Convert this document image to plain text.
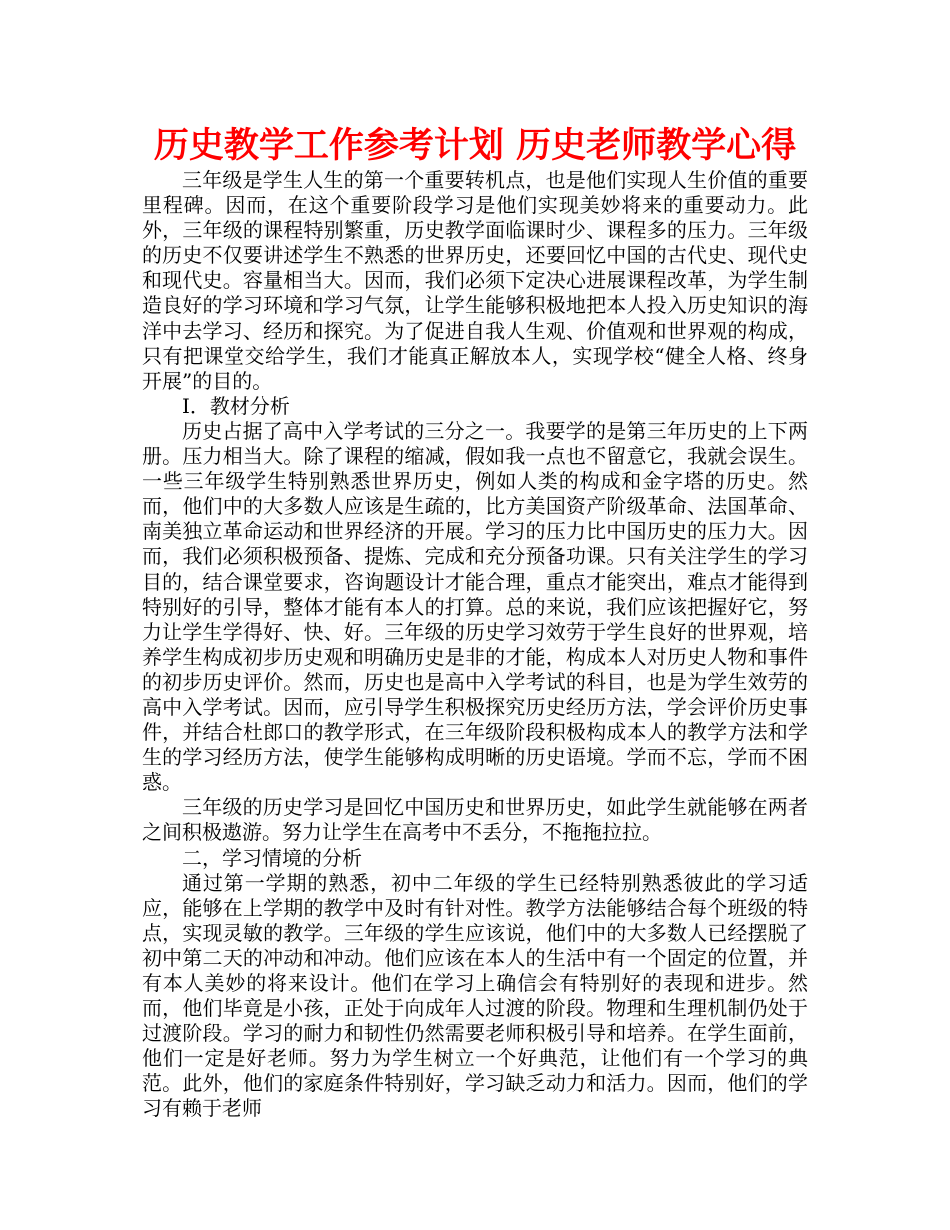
历史教学工作参考计划 历史老师教学心得

三年级是学生人生的第一个重要转机点，也是他们实现人生价值的重要里程碑。因而，在这个重要阶段学习是他们实现美妙将来的重要动力。此外，三年级的课程特别繁重，历史教学面临课时少、课程多的压力。三年级的历史不仅要讲述学生不熟悉的世界历史，还要回忆中国的古代史、现代史和现代史。容量相当大。因而，我们必须下定决心进展课程改革，为学生制造良好的学习环境和学习气氛，让学生能够积极地把本人投入历史知识的海洋中去学习、经历和探究。为了促进自我人生观、价值观和世界观的构成，只有把课堂交给学生，我们才能真正解放本人，实现学校“健全人格、终身开展”的目的。

Ⅰ．教材分析

历史占据了高中入学考试的三分之一。我要学的是第三年历史的上下两册。压力相当大。除了课程的缩减，假如我一点也不留意它，我就会误生。一些三年级学生特别熟悉世界历史，例如人类的构成和金字塔的历史。然而，他们中的大多数人应该是生疏的，比方美国资产阶级革命、法国革命、南美独立革命运动和世界经济的开展。学习的压力比中国历史的压力大。因而，我们必须积极预备、提炼、完成和充分预备功课。只有关注学生的学习目的，结合课堂要求，咨询题设计才能合理，重点才能突出，难点才能得到特别好的引导，整体才能有本人的打算。总的来说，我们应该把握好它，努力让学生学得好、快、好。三年级的历史学习效劳于学生良好的世界观，培养学生构成初步历史观和明确历史是非的才能，构成本人对历史人物和事件的初步历史评价。然而，历史也是高中入学考试的科目，也是为学生效劳的高中入学考试。因而，应引导学生积极探究历史经历方法，学会评价历史事件，并结合杜郎口的教学形式，在三年级阶段积极构成本人的教学方法和学生的学习经历方法，使学生能够构成明晰的历史语境。学而不忘，学而不困惑。

三年级的历史学习是回忆中国历史和世界历史，如此学生就能够在两者之间积极遨游。努力让学生在高考中不丢分，不拖拖拉拉。

二，学习情境的分析

通过第一学期的熟悉，初中二年级的学生已经特别熟悉彼此的学习适应，能够在上学期的教学中及时有针对性。教学方法能够结合每个班级的特点，实现灵敏的教学。三年级的学生应该说，他们中的大多数人已经摆脱了初中第二天的冲动和冲动。他们应该在本人的生活中有一个固定的位置，并有本人美妙的将来设计。他们在学习上确信会有特别好的表现和进步。然而，他们毕竟是小孩，正处于向成年人过渡的阶段。物理和生理机制仍处于过渡阶段。学习的耐力和韧性仍然需要老师积极引导和培养。在学生面前，他们一定是好老师。努力为学生树立一个好典范，让他们有一个学习的典范。此外，他们的家庭条件特别好，学习缺乏动力和活力。因而，他们的学习有赖于老师
